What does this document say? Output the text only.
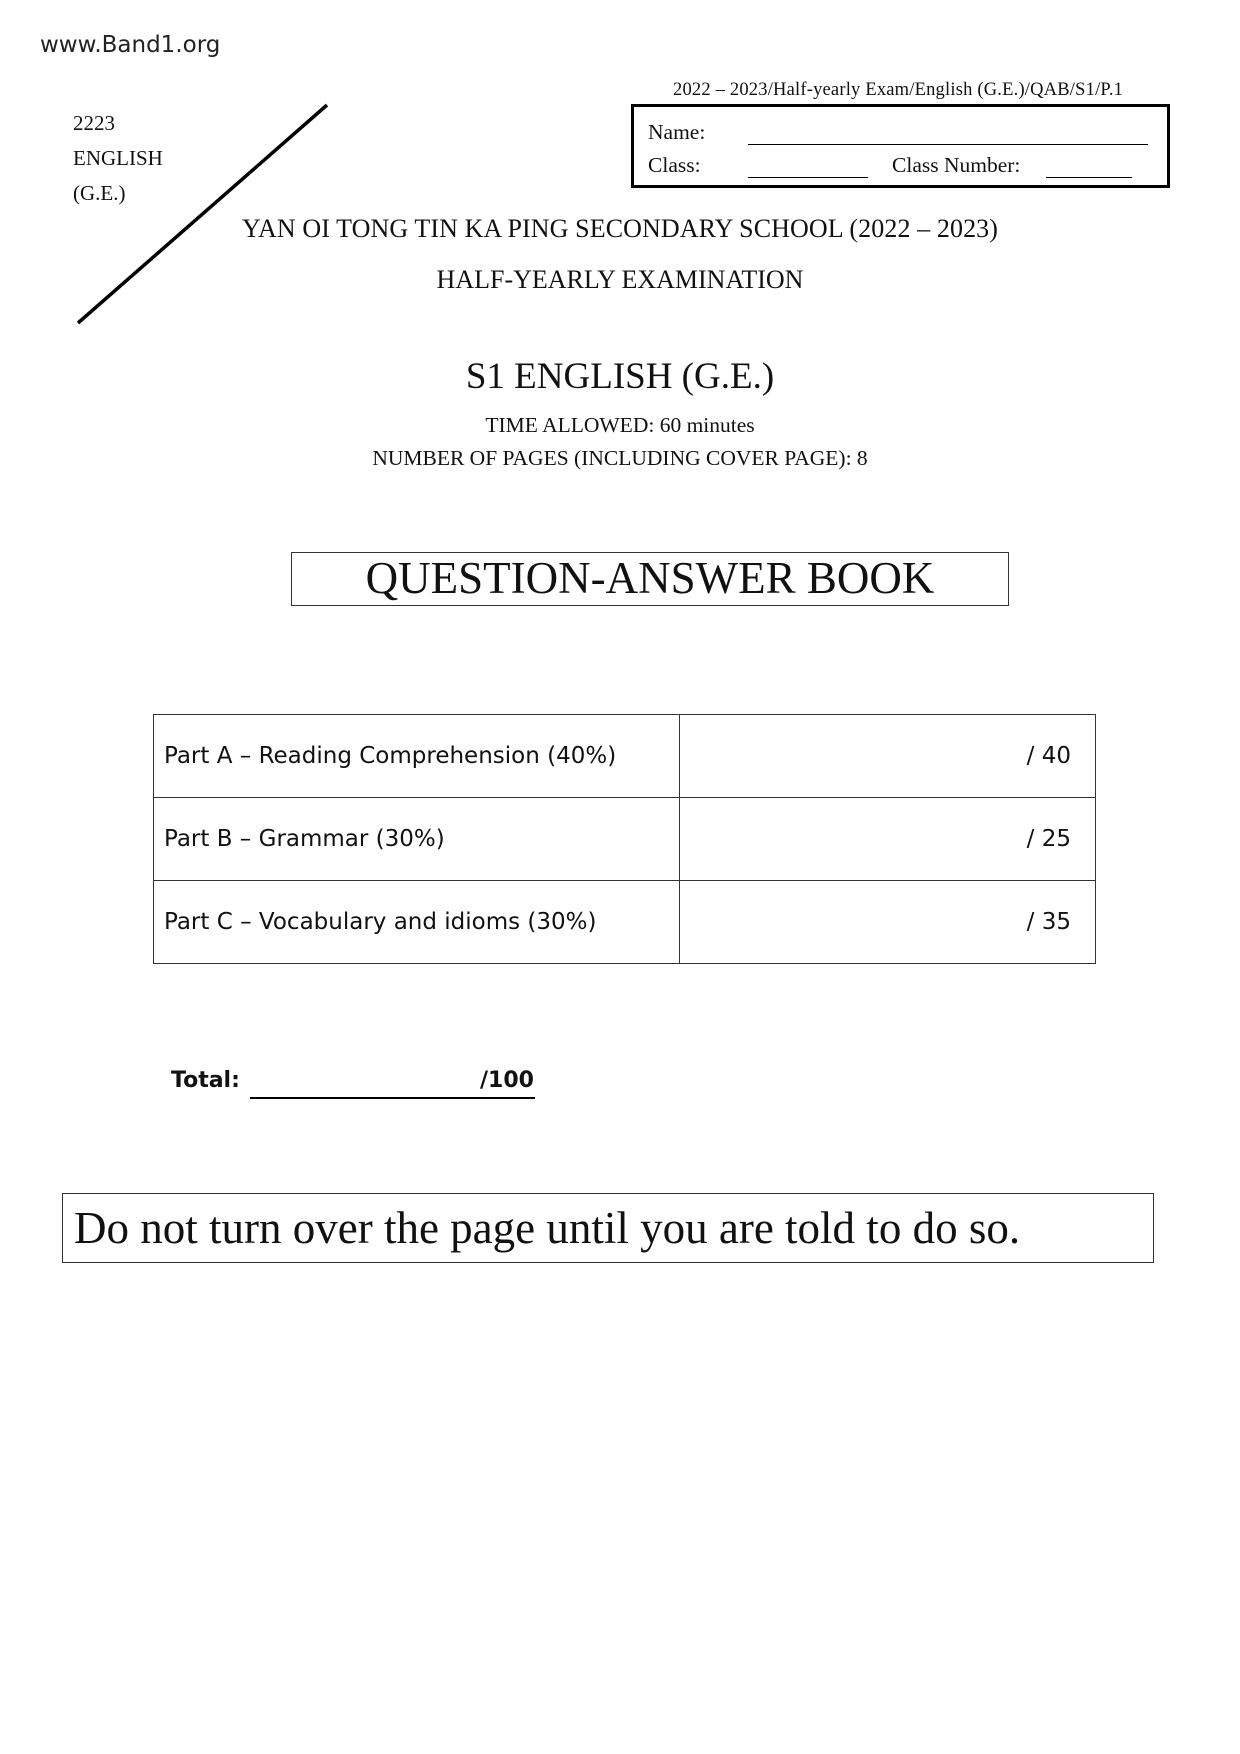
www.Band1.org
2022 – 2023/Half-yearly Exam/English (G.E.)/QAB/S1/P.1
2223
ENGLISH
(G.E.)
Name:
Class:	Class Number:
YAN OI TONG TIN KA PING SECONDARY SCHOOL (2022 – 2023)
HALF-YEARLY EXAMINATION
S1 ENGLISH (G.E.)
TIME ALLOWED: 60 minutes
NUMBER OF PAGES (INCLUDING COVER PAGE): 8
QUESTION-ANSWER BOOK
Part A – Reading Comprehension (40%)	/ 40
Part B – Grammar (30%)	/ 25
Part C – Vocabulary and idioms (30%)	/ 35
Total:	/100
Do not turn over the page until you are told to do so.
